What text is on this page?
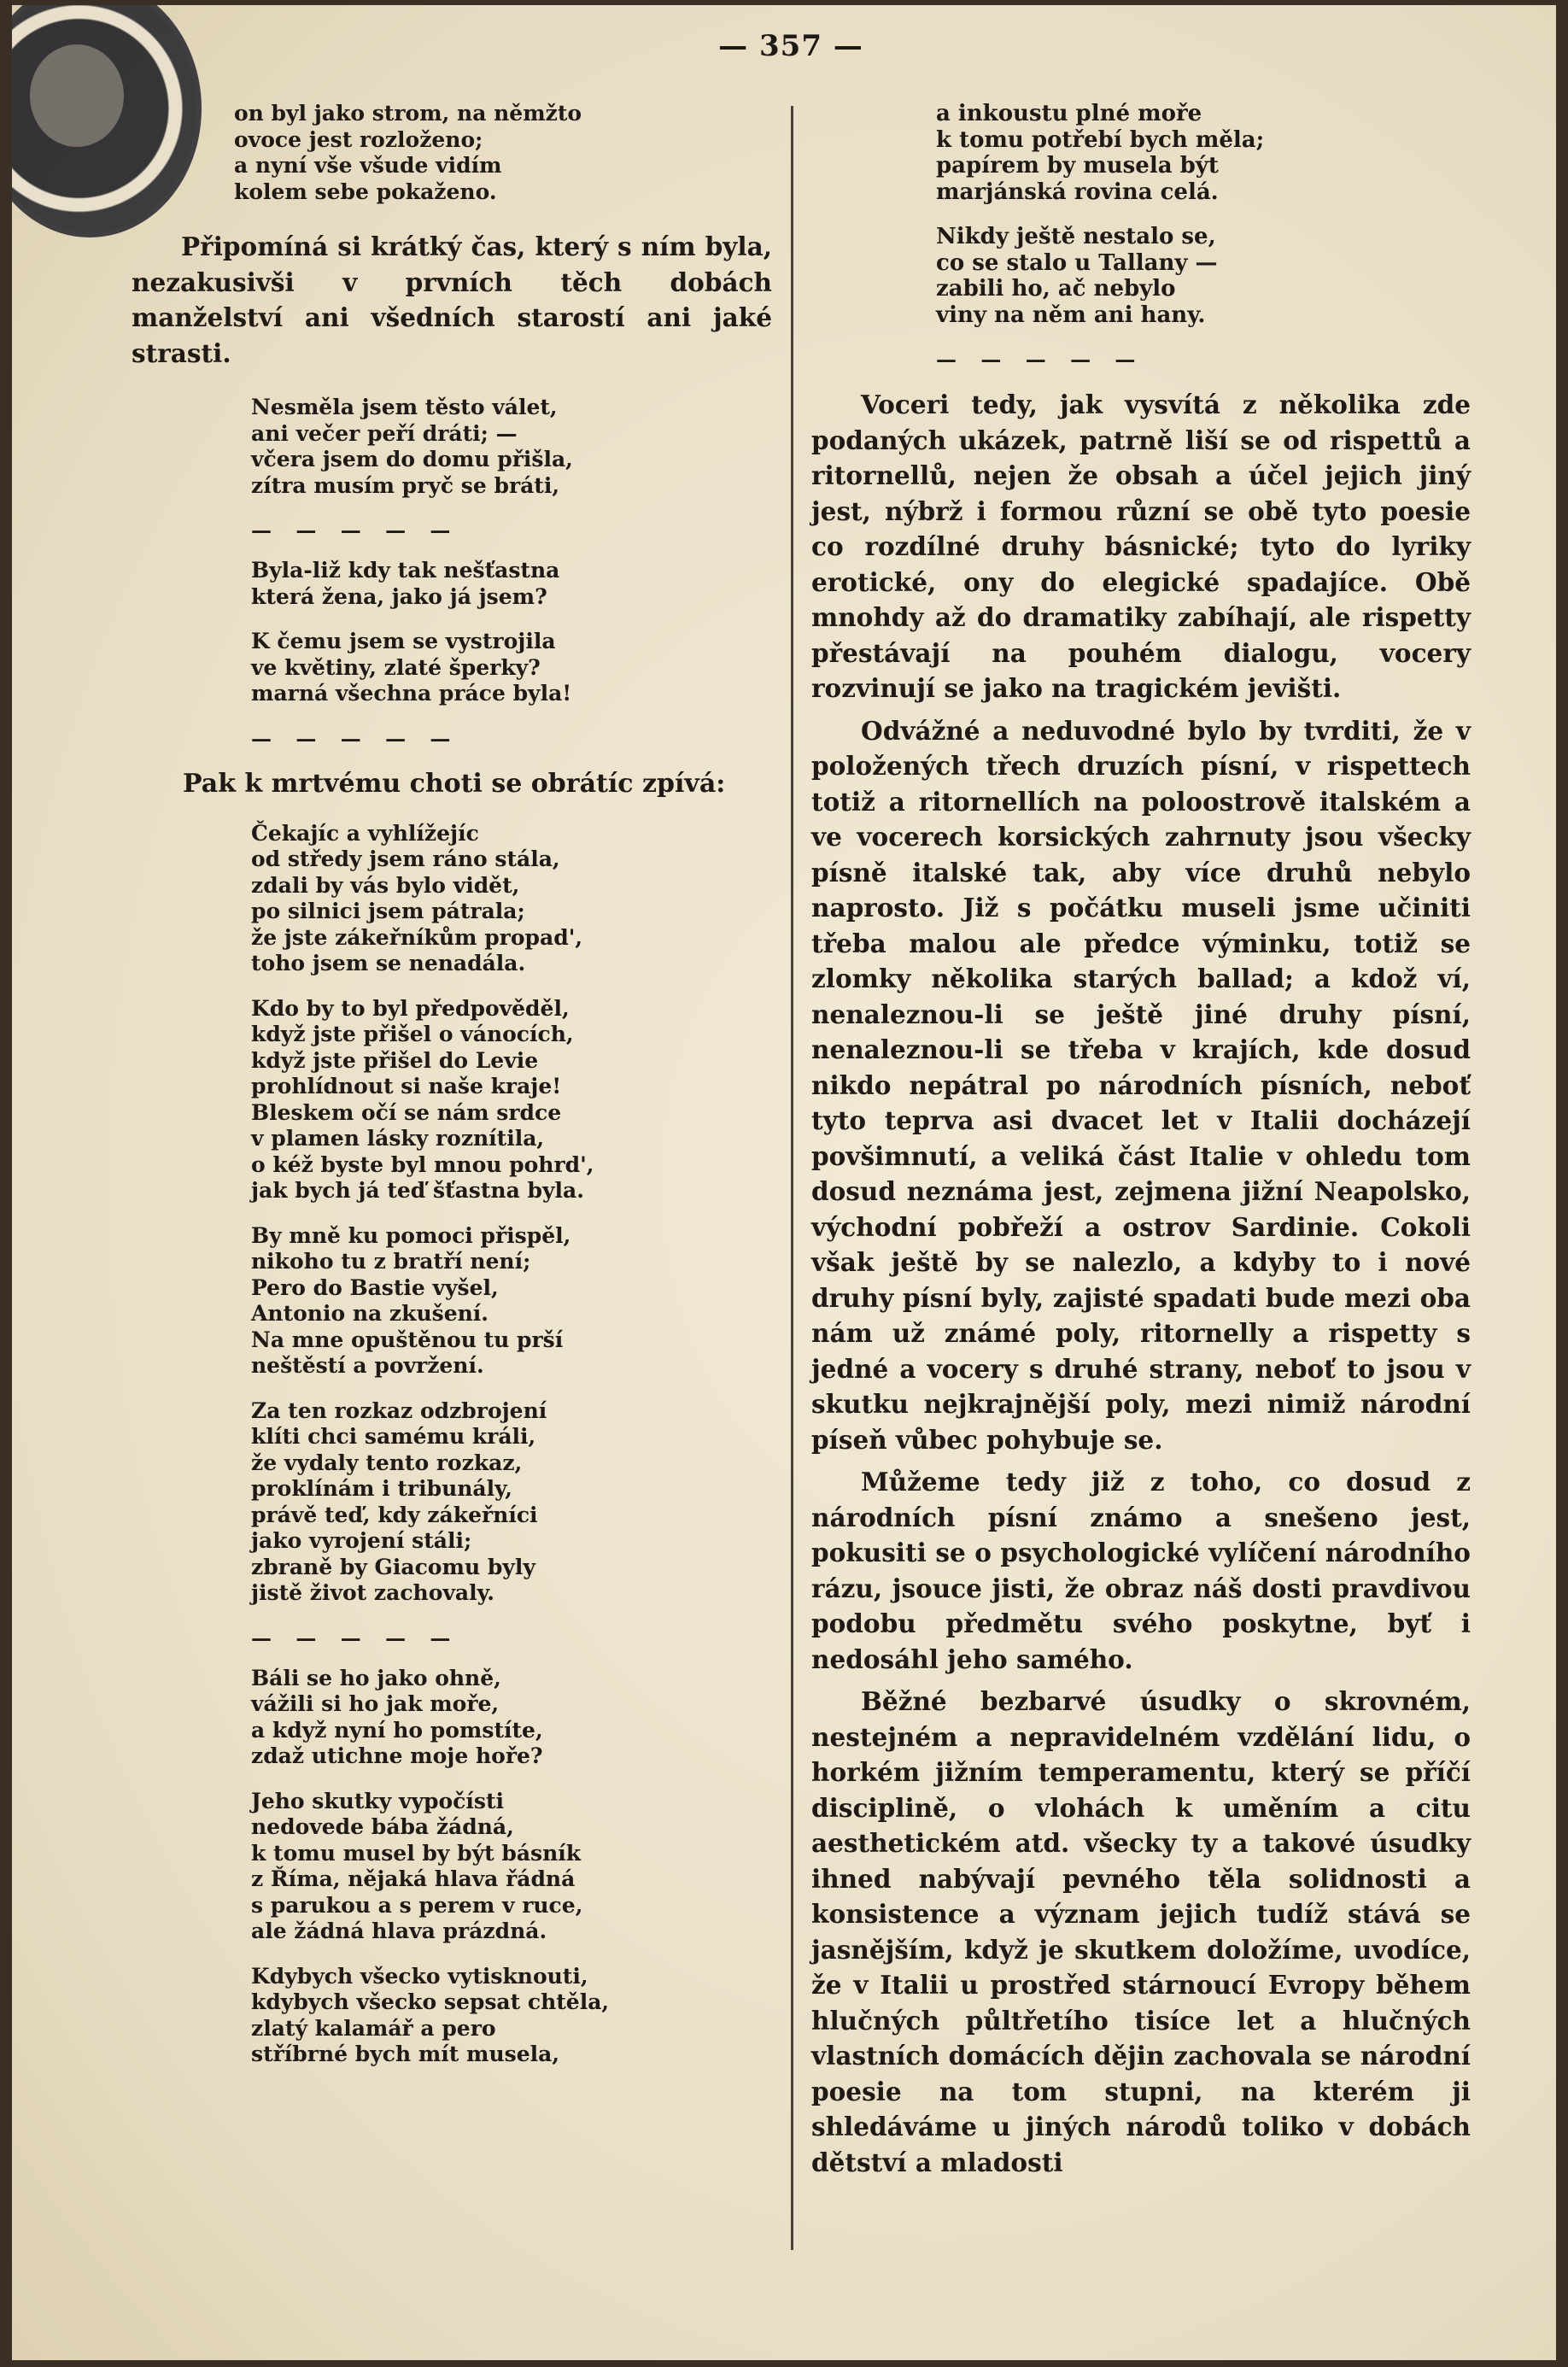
— 357 —
on byl jako strom, na němžto
ovoce jest rozloženo;
a nyní vše všude vidím
kolem sebe pokaženo.

Připomíná si krátký čas, který s ním byla, nezakusivši v prvních těch dobách manželství ani všedních starostí ani jaké strasti.

Nesměla jsem těsto válet,
ani večer peří dráti; —
včera jsem do domu přišla,
zítra musím pryč se bráti,
— — — — —
Byla-liž kdy tak nešťastna
která žena, jako já jsem?
K čemu jsem se vystrojila
ve květiny, zlaté šperky?
marná všechna práce byla!
— — — — —

Pak k mrtvému choti se obrátíc zpívá:

Čekajíc a vyhlížejíc
od středy jsem ráno stála,
zdali by vás bylo vidět,
po silnici jsem pátrala;
že jste zákeřníkům propad',
toho jsem se nenadála.
Kdo by to byl předpověděl,
když jste přišel o vánocích,
když jste přišel do Levie
prohlídnout si naše kraje!
Bleskem očí se nám srdce
v plamen lásky roznítila,
o kéž byste byl mnou pohrd',
jak bych já teď šťastna byla.
By mně ku pomoci přispěl,
nikoho tu z bratří není;
Pero do Bastie vyšel,
Antonio na zkušení.
Na mne opuštěnou tu prší
neštěstí a povržení.
Za ten rozkaz odzbrojení
klíti chci samému králi,
že vydaly tento rozkaz,
proklínám i tribunály,
právě teď, kdy zákeřníci
jako vyrojení stáli;
zbraně by Giacomu byly
jistě život zachovaly.
— — — — —
Báli se ho jako ohně,
vážili si ho jak moře,
a když nyní ho pomstíte,
zdaž utichne moje hoře?
Jeho skutky vypočísti
nedovede bába žádná,
k tomu musel by být básník
z Říma, nějaká hlava řádná
s parukou a s perem v ruce,
ale žádná hlava prázdná.
Kdybych všecko vytisknouti,
kdybych všecko sepsat chtěla,
zlatý kalamář a pero
stříbrné bych mít musela,
a inkoustu plné moře
k tomu potřebí bych měla;
papírem by musela být
marjánská rovina celá.
Nikdy ještě nestalo se,
co se stalo u Tallany —
zabili ho, ač nebylo
viny na něm ani hany.
— — — — —

Voceri tedy, jak vysvítá z několika zde podaných ukázek, patrně liší se od rispettů a ritornellů, nejen že obsah a účel jejich jiný jest, nýbrž i formou různí se obě tyto poesie co rozdílné druhy básnické; tyto do lyriky erotické, ony do elegické spadajíce. Obě mnohdy až do dramatiky zabíhají, ale rispetty přestávají na pouhém dialogu, vocery rozvinují se jako na tragickém jevišti.

Odvážné a neduvodné bylo by tvrditi, že v položených třech druzích písní, v rispettech totiž a ritornellích na poloostrově italském a ve vocerech korsických zahrnuty jsou všecky písně italské tak, aby více druhů nebylo naprosto. Již s počátku museli jsme učiniti třeba malou ale předce výminku, totiž se zlomky několika starých ballad; a kdož ví, nenaleznou-li se ještě jiné druhy písní, nenaleznou-li se třeba v krajích, kde dosud nikdo nepátral po národních písních, neboť tyto teprva asi dvacet let v Italii docházejí povšimnutí, a veliká část Italie v ohledu tom dosud neznáma jest, zejmena jižní Neapolsko, východní pobřeží a ostrov Sardinie. Cokoli však ještě by se nalezlo, a kdyby to i nové druhy písní byly, zajisté spadati bude mezi oba nám už známé poly, ritornelly a rispetty s jedné a vocery s druhé strany, neboť to jsou v skutku nejkrajnější poly, mezi nimiž národní píseň vůbec pohybuje se.

Můžeme tedy již z toho, co dosud z národních písní známo a snešeno jest, pokusiti se o psychologické vylíčení národního rázu, jsouce jisti, že obraz náš dosti pravdivou podobu předmětu svého poskytne, byť i nedosáhl jeho samého.

Běžné bezbarvé úsudky o skrovném, nestejném a nepravidelném vzdělání lidu, o horkém jižním temperamentu, který se příčí disciplině, o vlohách k uměním a citu aesthetickém atd. všecky ty a takové úsudky ihned nabývají pevného těla solidnosti a konsistence a význam jejich tudíž stává se jasnějším, když je skutkem doložíme, uvodíce, že v Italii u prostřed stárnoucí Evropy během hlučných půltřetího tisíce let a hlučných vlastních domácích dějin zachovala se národní poesie na tom stupni, na kterém ji shledáváme u jiných národů toliko v dobách dětství a mladosti
